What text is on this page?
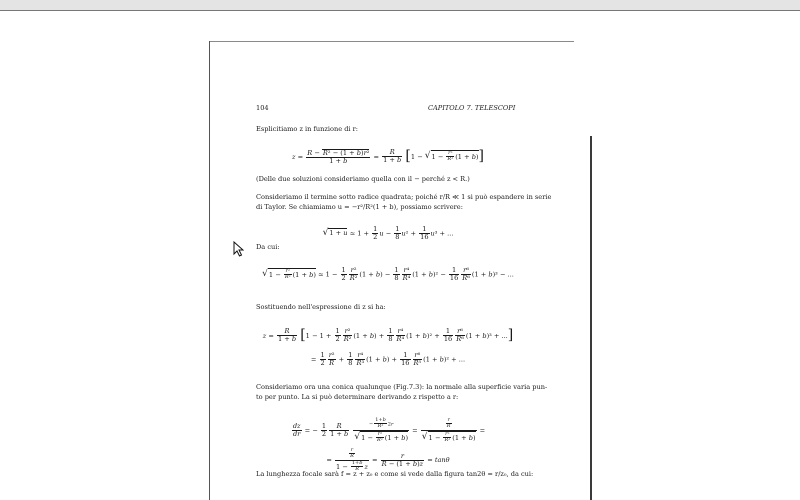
104	CAPITOLO 7. TELESCOPI
Esplicitiamo z in funzione di r:
$z = \frac{\text{R − R² − (1 + b)r²}}{1 + b} = \frac{R}{1 + b} [1 - √1 - \frac{\text{r²}}{\text{R²}} (1 + b)]$
(Delle due soluzioni consideriamo quella con il − perché z < R.)
Consideriamo il termine sotto radice quadrata; poiché r/R ≪ 1 si può espandere in serie
di Taylor. Se chiamiamo u = −r²/R²(1 + b), possiamo scrivere:
√1 + u ≃ $1 + \frac{1}{2}$ $u - \frac{1}{8} u^2 + \frac{1}{16} u^3$ + ...
Da cui:
$√1 - \frac{\text{r²}}{\text{R²}} (1 + b)$ ≃ $1 - \frac{1}{2} \frac{\text{r²}}{\text{R²}} (1 + b) - \frac{1}{8} \frac{\text{r⁴}}{\text{R⁴}} (1 + b)^2 - \frac{1}{16} \frac{\text{r⁶}}{\text{R⁶}} (1 + b)^3$ − ...
Sostituendo nell'espressione di z si ha:
$z = \frac{R}{1 + b} [1 - 1 + \frac{1}{2} \frac{\text{r²}}{\text{R²}} (1 + b) + \frac{1}{8} \frac{\text{r⁴}}{\text{R⁴}} (1 + b)^2 + \frac{1}{16} \frac{\text{r⁶}}{\text{R⁶}} (1 + b)^3$ + ...]
= $\frac{1}{2} \frac{\text{r²}}{R} + \frac{1}{8} \frac{\text{r⁴}}{\text{R³}} (1 + b) + \frac{1}{16} \frac{\text{r⁶}}{\text{R⁵}} (1 + b)^2$ + ...
Consideriamo ora una conica qualunque (Fig.7.3): la normale alla superficie varia pun-
to per punto. La si può determinare derivando z rispetto a r:
$\frac{dz}{dr}$ = − $\frac{1}{2} \frac{R}{1 + b}$
$\frac{- \frac{1+b}{\text{R²}} 2r}{√1 - \frac{\text{r²}}{\text{R²}} (1 + b)} = \frac{\frac{r}{R}}{√1 - \frac{\text{r²}}{\text{R²}} (1 + b)}$ =
= $\frac{\frac{r}{R}}{1 - \frac{1+b}{R} z} = \frac{r}{R - (1 + b)z} = \tan\theta$
La lunghezza focale sarà f = z + z₀ e come si vede dalla figura tan2θ = r/z₀, da cui:
